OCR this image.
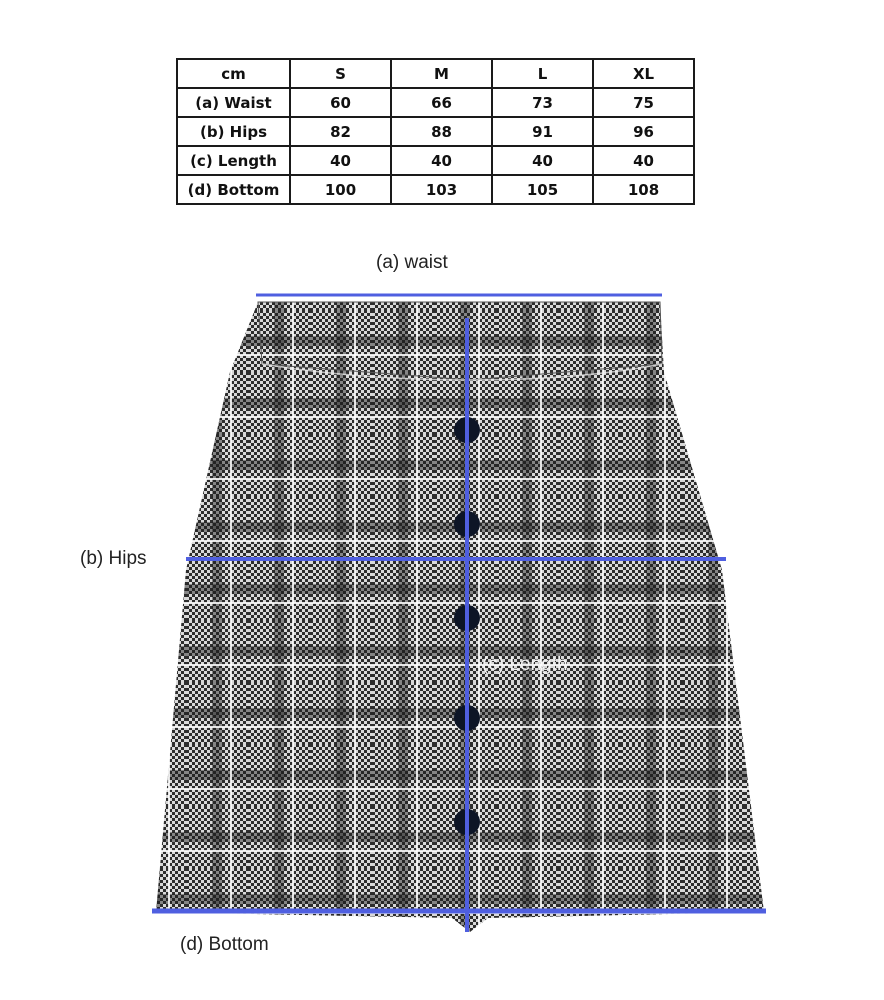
cm	S	M	L	XL
(a) Waist	60	66	73	75
(b) Hips	82	88	91	96
(c) Length	40	40	40	40
(d) Bottom	100	103	105	108
(a) waist
(b) Hips
(c) Length
(d) Bottom
